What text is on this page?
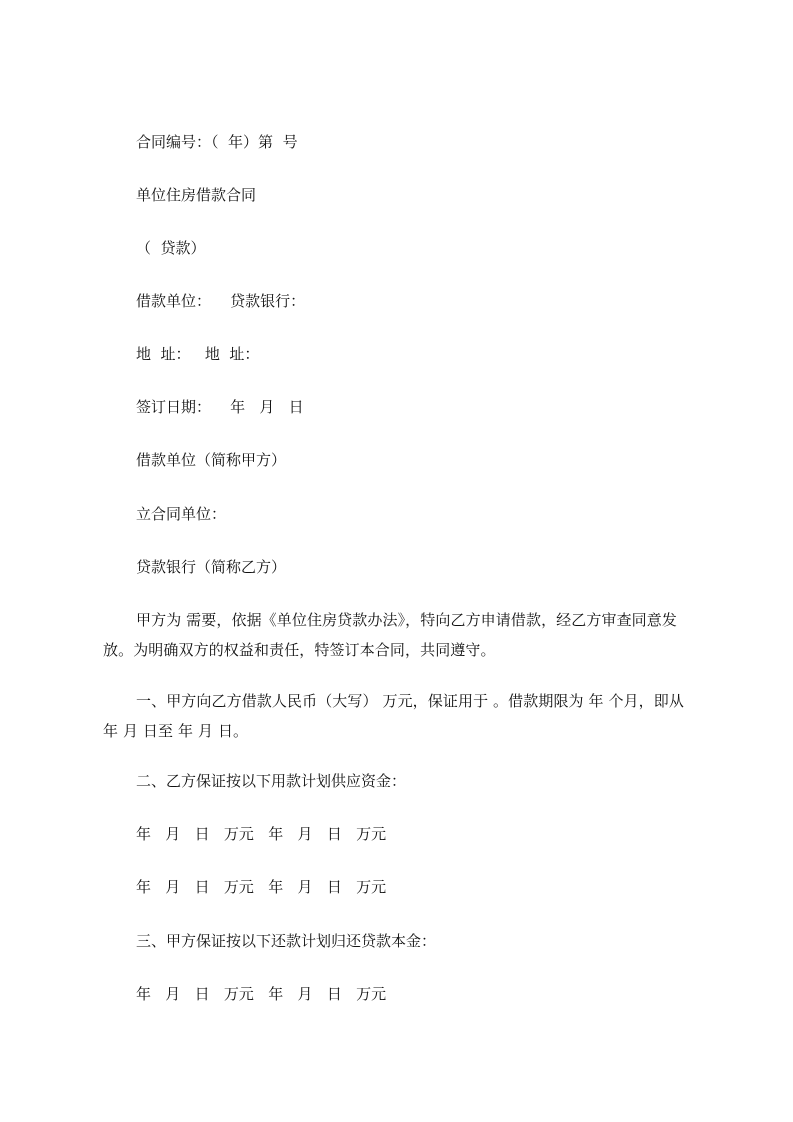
合同编号：（  年）第  号

单位住房借款合同

（  贷款）

借款单位：    贷款银行：

地  址：   地  址：

签订日期：    年   月   日

借款单位（简称甲方）

立合同单位：

贷款银行（简称乙方）

甲方为 需要，依据《单位住房贷款办法》，特向乙方申请借款，经乙方审查同意发放。为明确双方的权益和责任，特签订本合同，共同遵守。

一、甲方向乙方借款人民币（大写） 万元，保证用于 。借款期限为 年 个月，即从 年 月 日至 年 月 日。

二、乙方保证按以下用款计划供应资金：

年   月   日   万元   年   月   日   万元

年   月   日   万元   年   月   日   万元

三、甲方保证按以下还款计划归还贷款本金：

年   月   日   万元   年   月   日   万元
